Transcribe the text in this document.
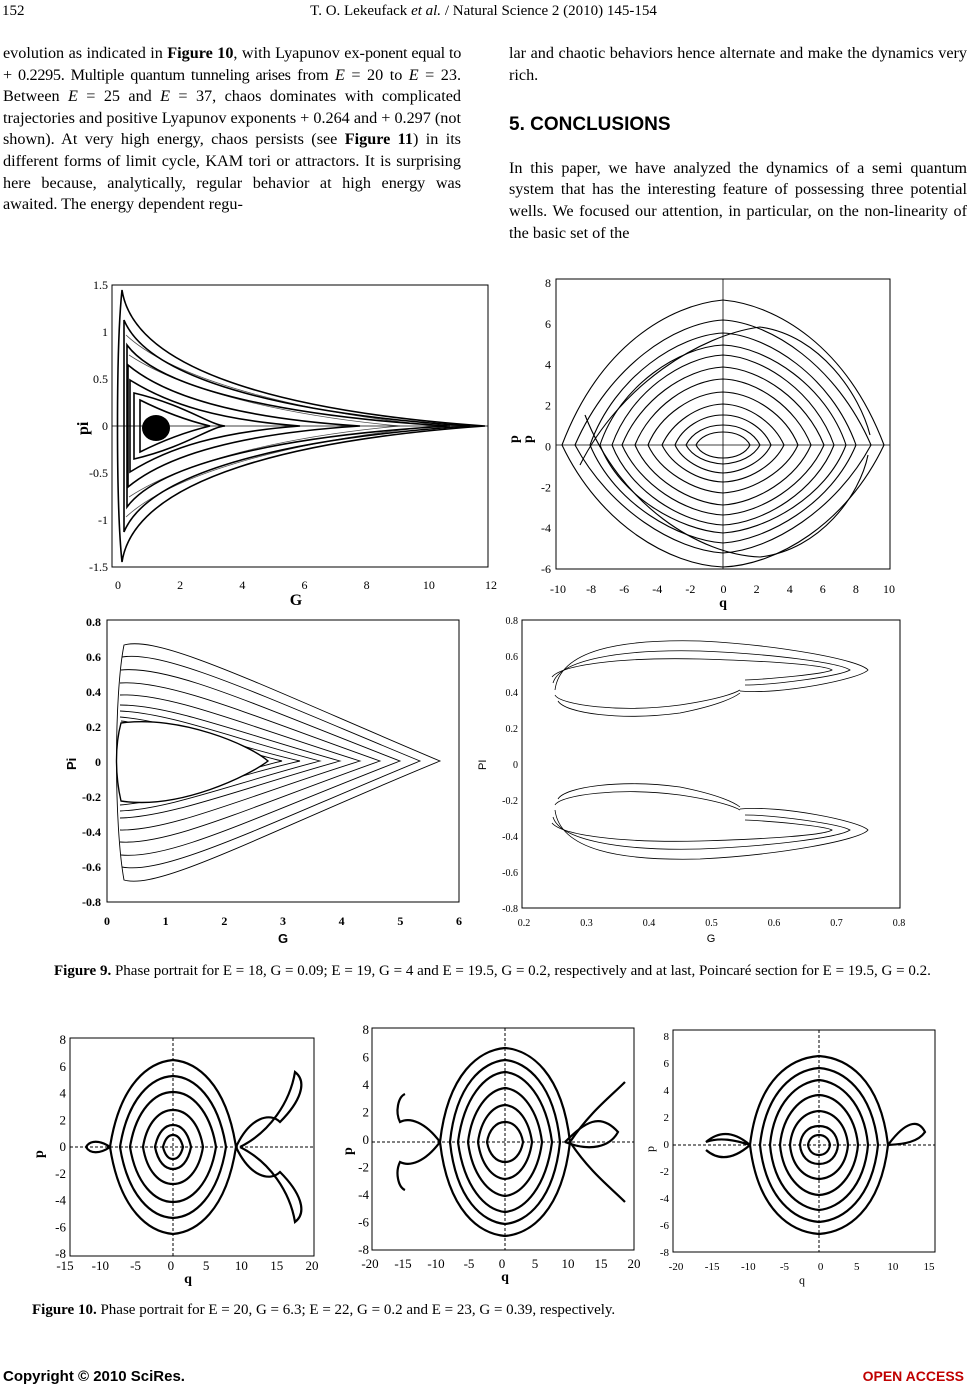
152	T. O. Lekeufack et al. / Natural Science 2 (2010) 145-154

evolution as indicated in Figure 10, with Lyapunov ex-ponent equal to + 0.2295. Multiple quantum tunneling arises from E = 20 to E = 23. Between E = 25 and E = 37, chaos dominates with complicated trajectories and positive Lyapunov exponents + 0.264 and + 0.297 (not shown). At very high energy, chaos persists (see Figure 11) in its different forms of limit cycle, KAM tori or attractors. It is surprising here because, analytically, regular behavior at high energy was awaited. The energy dependent regu-

lar and chaotic behaviors hence alternate and make the dynamics very rich.

5. CONCLUSIONS

In this paper, we have analyzed the dynamics of a semi quantum system that has the interesting feature of possessing three potential wells. We focused our attention, in particular, on the non-linearity of the basic set of the

pi
G
0	2	4	6	8	10	12
1.5
1
0.5
0
-0.5
-1
-1.5
p p
q
-10 -8 -6 -4 -2 0 2 4 6 8 10
8
6
4
2
0
-2
-4
-6
Pi
G
0	1	2	3	4	5	6
0.8
0.6
0.4
0.2
0
-0.2
-0.4
-0.6
-0.8
PI
G
0.2	0.3	0.4	0.5	0.6	0.7	0.8
0.8
0.6
0.4
0.2
0
-0.2
-0.4
-0.6
-0.8
Figure 9. Phase portrait for E = 18, G = 0.09; E = 19, G = 4 and E = 19.5, G = 0.2, respectively and at last, Poincaré section for E = 19.5, G = 0.2.
p
q
-15 -10 -5 0 5 10 15 20
8
6
4
2
0
-2
-4
-6
-8
p
q
-20 -15 -10 -5 0 5 10 15 20
8
6
4
2
0
-2
-4
-6
-8
p
q
-20 -15 -10 -5	0	5	10 15
8
6
4
2
0
-2
-4
-6
-8
Figure 10. Phase portrait for E = 20, G = 6.3; E = 22, G = 0.2 and E = 23, G = 0.39, respectively.
Copyright © 2010 SciRes.	OPEN ACCESS
